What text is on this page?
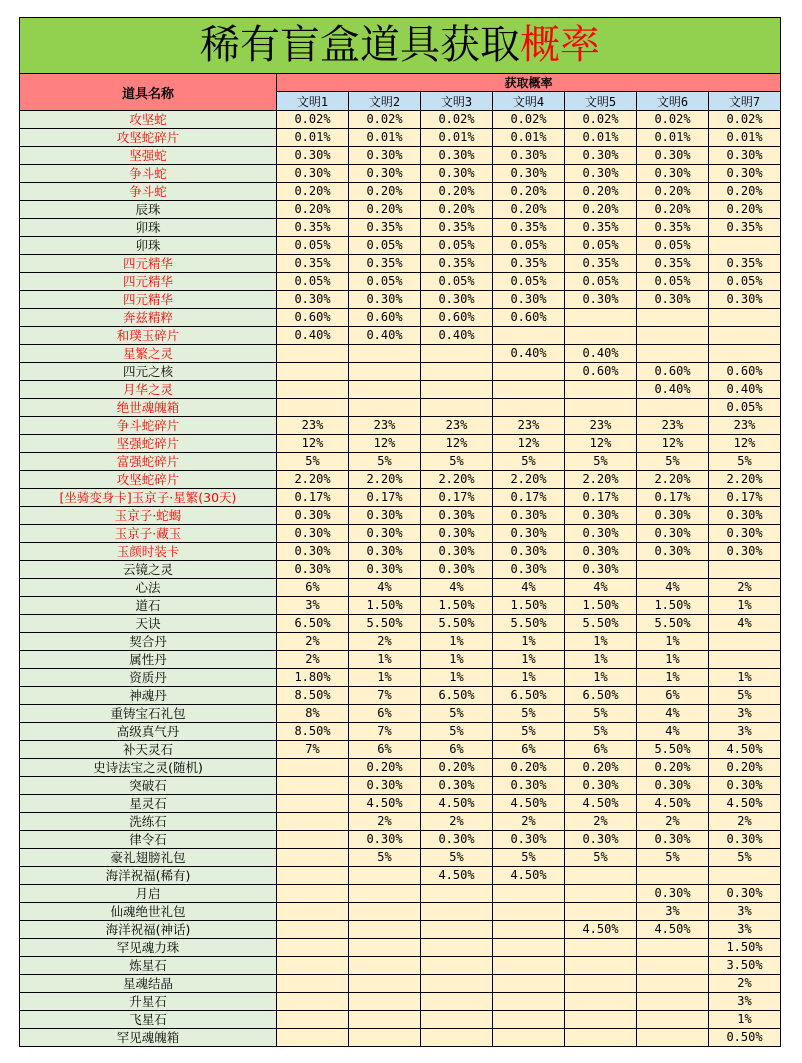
稀有盲盒道具获取概率							
道具名称	获取概率						
	文明1	文明2	文明3	文明4	文明5	文明6	文明7
攻坚蛇	0.02%	0.02%	0.02%	0.02%	0.02%	0.02%	0.02%
攻坚蛇碎片	0.01%	0.01%	0.01%	0.01%	0.01%	0.01%	0.01%
坚强蛇	0.30%	0.30%	0.30%	0.30%	0.30%	0.30%	0.30%
争斗蛇	0.30%	0.30%	0.30%	0.30%	0.30%	0.30%	0.30%
争斗蛇	0.20%	0.20%	0.20%	0.20%	0.20%	0.20%	0.20%
辰珠	0.20%	0.20%	0.20%	0.20%	0.20%	0.20%	0.20%
卯珠	0.35%	0.35%	0.35%	0.35%	0.35%	0.35%	0.35%
卯珠	0.05%	0.05%	0.05%	0.05%	0.05%	0.05%	
四元精华	0.35%	0.35%	0.35%	0.35%	0.35%	0.35%	0.35%
四元精华	0.05%	0.05%	0.05%	0.05%	0.05%	0.05%	0.05%
四元精华	0.30%	0.30%	0.30%	0.30%	0.30%	0.30%	0.30%
奔兹精粹	0.60%	0.60%	0.60%	0.60%			
和璞玉碎片	0.40%	0.40%	0.40%				
星繁之灵				0.40%	0.40%		
四元之核					0.60%	0.60%	0.60%
月华之灵						0.40%	0.40%
绝世魂魄箱							0.05%
争斗蛇碎片	23%	23%	23%	23%	23%	23%	23%
坚强蛇碎片	12%	12%	12%	12%	12%	12%	12%
富强蛇碎片	5%	5%	5%	5%	5%	5%	5%
攻坚蛇碎片	2.20%	2.20%	2.20%	2.20%	2.20%	2.20%	2.20%
[坐骑变身卡]玉京子·星繁(30天)	0.17%	0.17%	0.17%	0.17%	0.17%	0.17%	0.17%
玉京子·蛇蝎	0.30%	0.30%	0.30%	0.30%	0.30%	0.30%	0.30%
玉京子·藏玉	0.30%	0.30%	0.30%	0.30%	0.30%	0.30%	0.30%
玉颜时装卡	0.30%	0.30%	0.30%	0.30%	0.30%	0.30%	0.30%
云镜之灵	0.30%	0.30%	0.30%	0.30%	0.30%		
心法	6%	4%	4%	4%	4%	4%	2%
道石	3%	1.50%	1.50%	1.50%	1.50%	1.50%	1%
天诀	6.50%	5.50%	5.50%	5.50%	5.50%	5.50%	4%
契合丹	2%	2%	1%	1%	1%	1%	
属性丹	2%	1%	1%	1%	1%	1%	
资质丹	1.80%	1%	1%	1%	1%	1%	1%
神魂丹	8.50%	7%	6.50%	6.50%	6.50%	6%	5%
重铸宝石礼包	8%	6%	5%	5%	5%	4%	3%
高级真气丹	8.50%	7%	5%	5%	5%	4%	3%
补天灵石	7%	6%	6%	6%	6%	5.50%	4.50%
史诗法宝之灵(随机)		0.20%	0.20%	0.20%	0.20%	0.20%	0.20%
突破石		0.30%	0.30%	0.30%	0.30%	0.30%	0.30%
星灵石		4.50%	4.50%	4.50%	4.50%	4.50%	4.50%
洗练石		2%	2%	2%	2%	2%	2%
律令石		0.30%	0.30%	0.30%	0.30%	0.30%	0.30%
豪礼翅膀礼包		5%	5%	5%	5%	5%	5%
海洋祝福(稀有)			4.50%	4.50%			
月启						0.30%	0.30%
仙魂绝世礼包						3%	3%
海洋祝福(神话)					4.50%	4.50%	3%
罕见魂力珠							1.50%
炼星石							3.50%
星魂结晶							2%
升星石							3%
飞星石							1%
罕见魂魄箱							0.50%
